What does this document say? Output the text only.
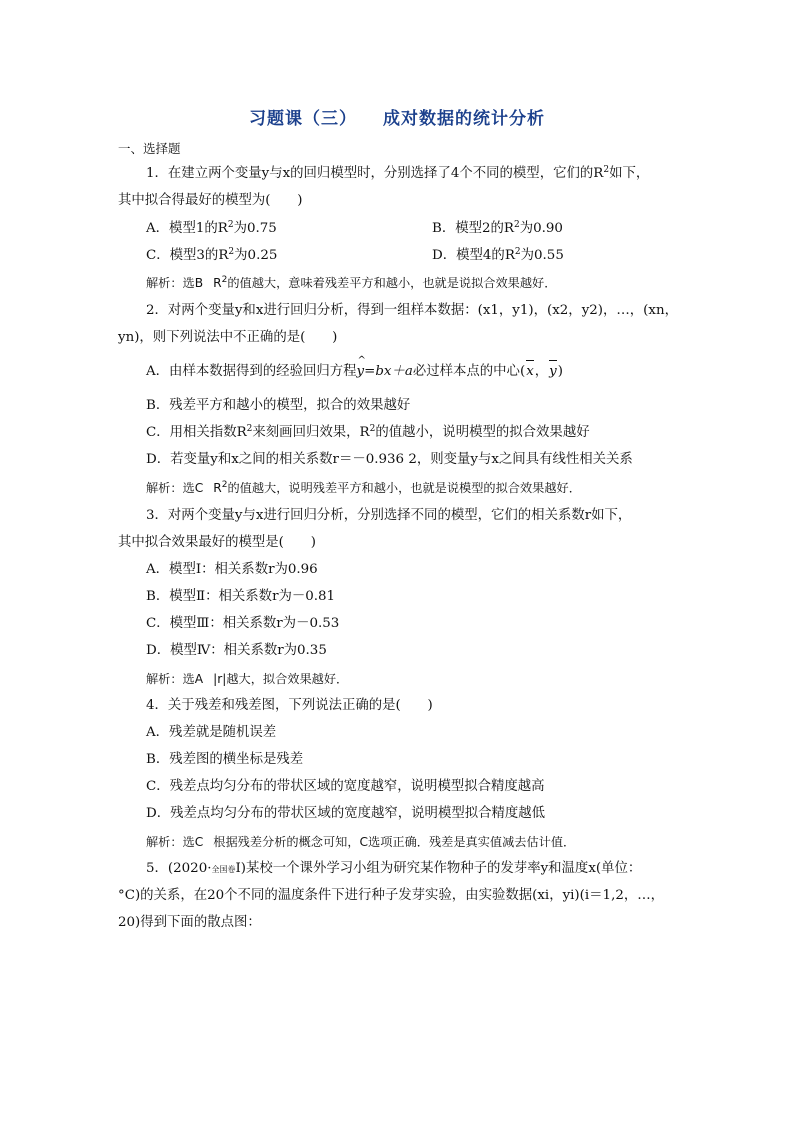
习题课（三） 成对数据的统计分析
一、选择题
1．在建立两个变量y与x的回归模型时，分别选择了4个不同的模型，它们的$R^2$如下，
其中拟合得最好的模型为(　　)
A．模型1的$R^2$为0.75	B．模型2的$R^2$为0.90
C．模型3的$R^2$为0.25	D．模型4的$R^2$为0.55
解析：选B $R^2$的值越大，意味着残差平方和越小，也就是说拟合效果越好．
2．对两个变量y和x进行回归分析，得到一组样本数据：(x1，y1)，(x2，y2)，…，(xn，
yn)，则下列说法中不正确的是(　　)
A．由样本数据得到的经验回归方程^ y=bx＋a必过样本点的中心(x，y)
B．残差平方和越小的模型，拟合的效果越好
C．用相关指数$R^2$来刻画回归效果，$R^2$的值越小，说明模型的拟合效果越好
D．若变量y和x之间的相关系数r＝－0.936 2，则变量y与x之间具有线性相关关系
解析：选C $R^2$的值越大，说明残差平方和越小，也就是说模型的拟合效果越好．
3．对两个变量y与x进行回归分析，分别选择不同的模型，它们的相关系数r如下，
其中拟合效果最好的模型是(　　)
A．模型Ⅰ：相关系数r为0.96
B．模型Ⅱ：相关系数r为－0.81
C．模型Ⅲ：相关系数r为－0.53
D．模型Ⅳ：相关系数r为0.35
解析：选A |r|越大，拟合效果越好．
4．关于残差和残差图，下列说法正确的是(　　)
A．残差就是随机误差
B．残差图的横坐标是残差
C．残差点均匀分布的带状区域的宽度越窄，说明模型拟合精度越高
D．残差点均匀分布的带状区域的宽度越窄，说明模型拟合精度越低
解析：选C 根据残差分析的概念可知，C选项正确．残差是真实值减去估计值．
5．(2020·全国卷Ⅰ)某校一个课外学习小组为研究某作物种子的发芽率y和温度x(单位：
°C)的关系，在20个不同的温度条件下进行种子发芽实验，由实验数据(xi，yi)(i＝1,2，…，
20)得到下面的散点图：
